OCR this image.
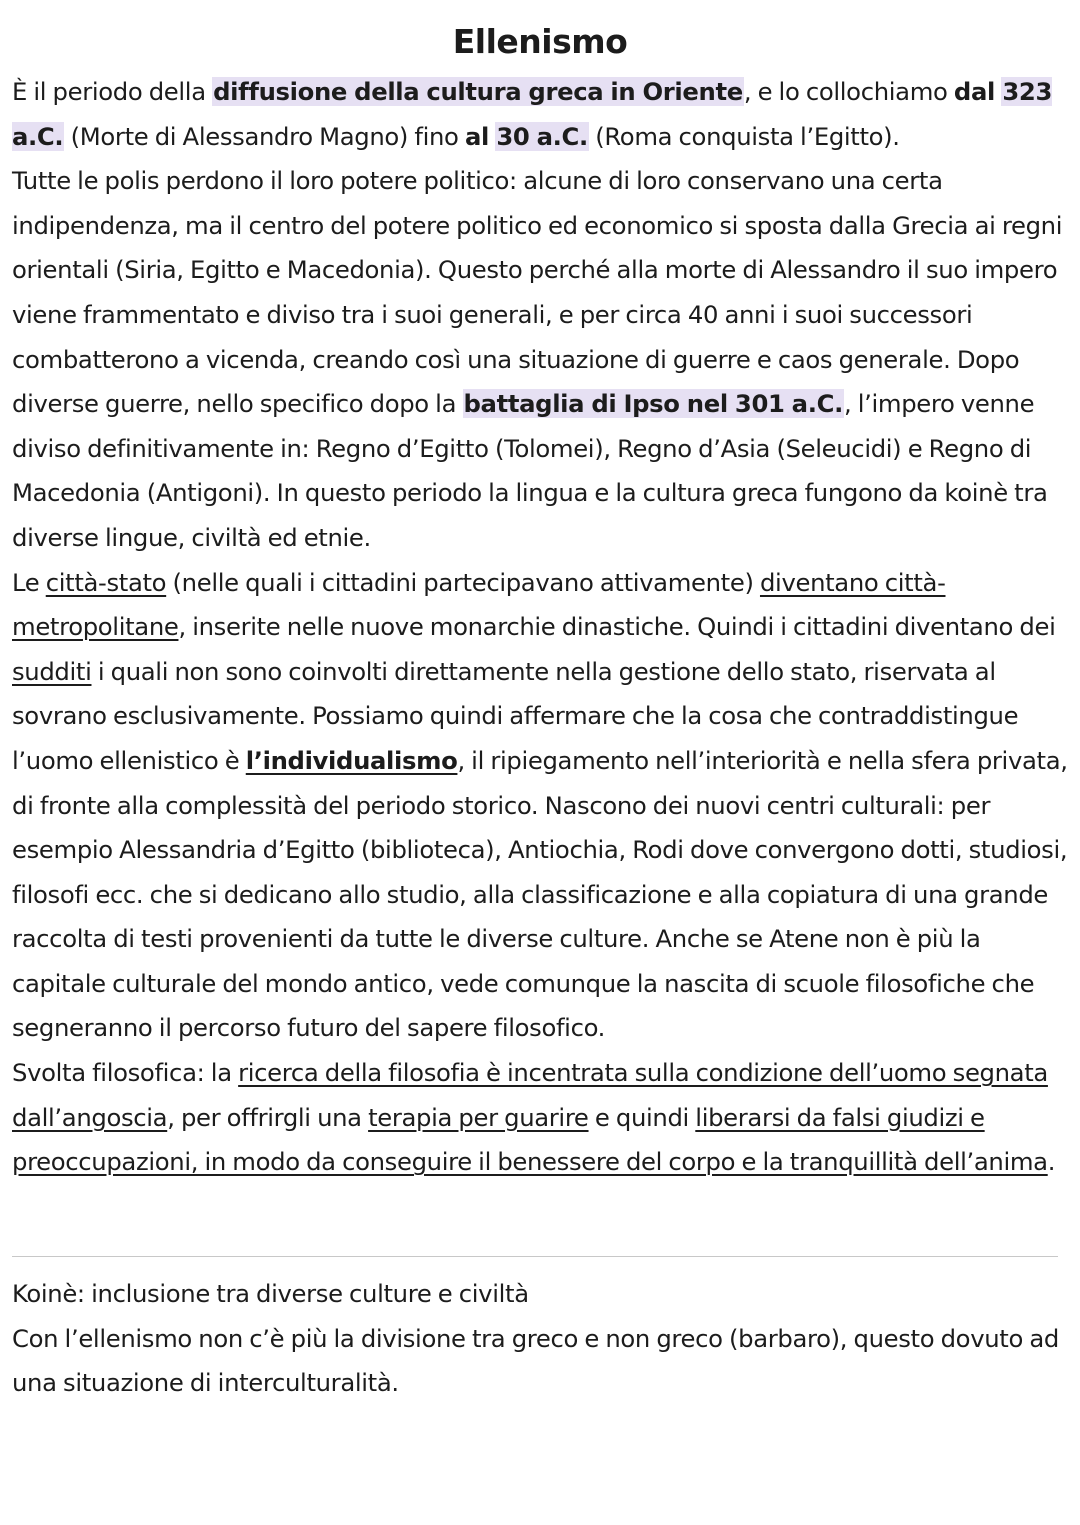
Ellenismo

È il periodo della diffusione della cultura greca in Oriente, e lo collochiamo dal 323 a.C. (Morte di Alessandro Magno) fino al 30 a.C. (Roma conquista l’Egitto).

Tutte le polis perdono il loro potere politico: alcune di loro conservano una certa indipendenza, ma il centro del potere politico ed economico si sposta dalla Grecia ai regni orientali (Siria, Egitto e Macedonia). Questo perché alla morte di Alessandro il suo impero viene frammentato e diviso tra i suoi generali, e per circa 40 anni i suoi successori combatterono a vicenda, creando così una situazione di guerre e caos generale. Dopo diverse guerre, nello specifico dopo la battaglia di Ipso nel 301 a.C., l’impero venne diviso definitivamente in: Regno d’Egitto (Tolomei), Regno d’Asia (Seleucidi) e Regno di Macedonia (Antigoni). In questo periodo la lingua e la cultura greca fungono da koinè tra diverse lingue, civiltà ed etnie.

Le città-stato (nelle quali i cittadini partecipavano attivamente) diventano città-metropolitane, inserite nelle nuove monarchie dinastiche. Quindi i cittadini diventano dei sudditi i quali non sono coinvolti direttamente nella gestione dello stato, riservata al sovrano esclusivamente. Possiamo quindi affermare che la cosa che contraddistingue l’uomo ellenistico è l’individualismo, il ripiegamento nell’interiorità e nella sfera privata, di fronte alla complessità del periodo storico. Nascono dei nuovi centri culturali: per esempio Alessandria d’Egitto (biblioteca), Antiochia, Rodi dove convergono dotti, studiosi, filosofi ecc. che si dedicano allo studio, alla classificazione e alla copiatura di una grande raccolta di testi provenienti da tutte le diverse culture. Anche se Atene non è più la capitale culturale del mondo antico, vede comunque la nascita di scuole filosofiche che segneranno il percorso futuro del sapere filosofico.

Svolta filosofica: la ricerca della filosofia è incentrata sulla condizione dell’uomo segnata dall’angoscia, per offrirgli una terapia per guarire e quindi liberarsi da falsi giudizi e preoccupazioni, in modo da conseguire il benessere del corpo e la tranquillità dell’anima.

Koinè: inclusione tra diverse culture e civiltà

Con l’ellenismo non c’è più la divisione tra greco e non greco (barbaro), questo dovuto ad una situazione di interculturalità.
